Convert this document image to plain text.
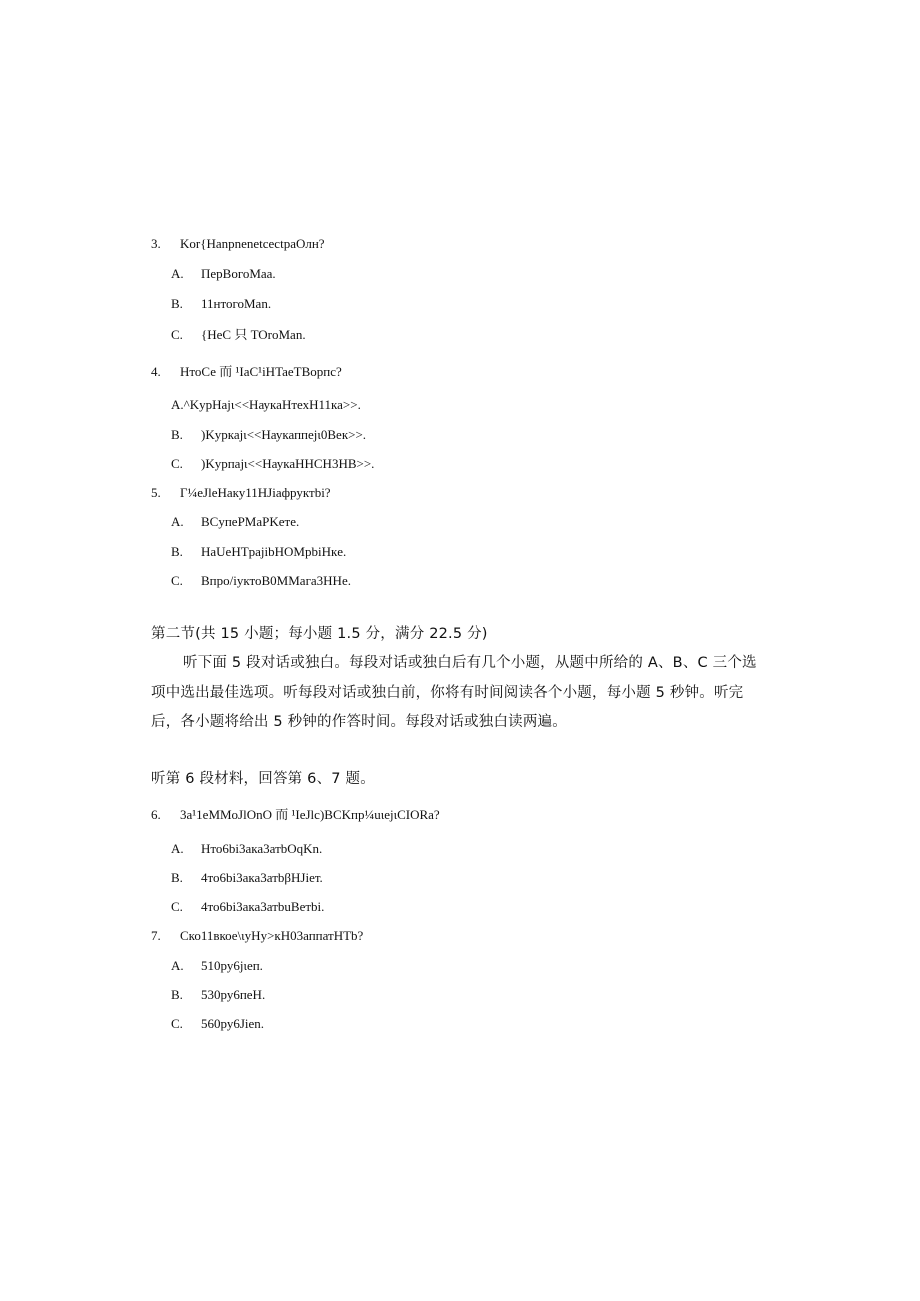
3. Kor{HanpnenetcectpaOлн?
A. ПерВогоМаа.
B. 11нтогоMan.
C. {НеС 只 TOroMan.
4. HтоСе 而 ¹IaC¹iHTaeTBорпс?
A.^KyрHajι<<НаукаНтехН11ка>>.
B. )Kуркаjι<<Наукаппеjι0Век>>.
C. )Kурпаjι<<НаукаННСН3НВ>>.
5. Г¼eJleНаку11НJiaфруктbi?
A. BCупеPMaPKeтe.
B. HaUeHTpajibHOMpbiHкe.
C. Bпро/iуктоB0ММага3ННе.
第二节(共 15 小题；每小题 1.5 分，满分 22.5 分)
听下面 5 段对话或独白。每段对话或独白后有几个小题，从题中所给的 A、B、C 三个选
项中选出最佳选项。听每段对话或独白前，你将有时间阅读各个小题，每小题 5 秒钟。听完
后，各小题将给出 5 秒钟的作答时间。每段对话或独白读两遍。
听第 6 段材料，回答第 6、7 题。
6. 3a¹1eMMoJlOnO 而 ¹IeJlc)BCKпр¼uιejιCIORa?
A. Hто6bi3aка3атbOqKn.
B. 4то6bi3aка3атbβHJieт.
C. 4то6bi3aка3атbuBeтbi.
7. Cко11вкое\ιyHy>кH03аппатНТb?
A. 510ру6jιeп.
B. 530ру6пеН.
C. 560ру6Jien.
